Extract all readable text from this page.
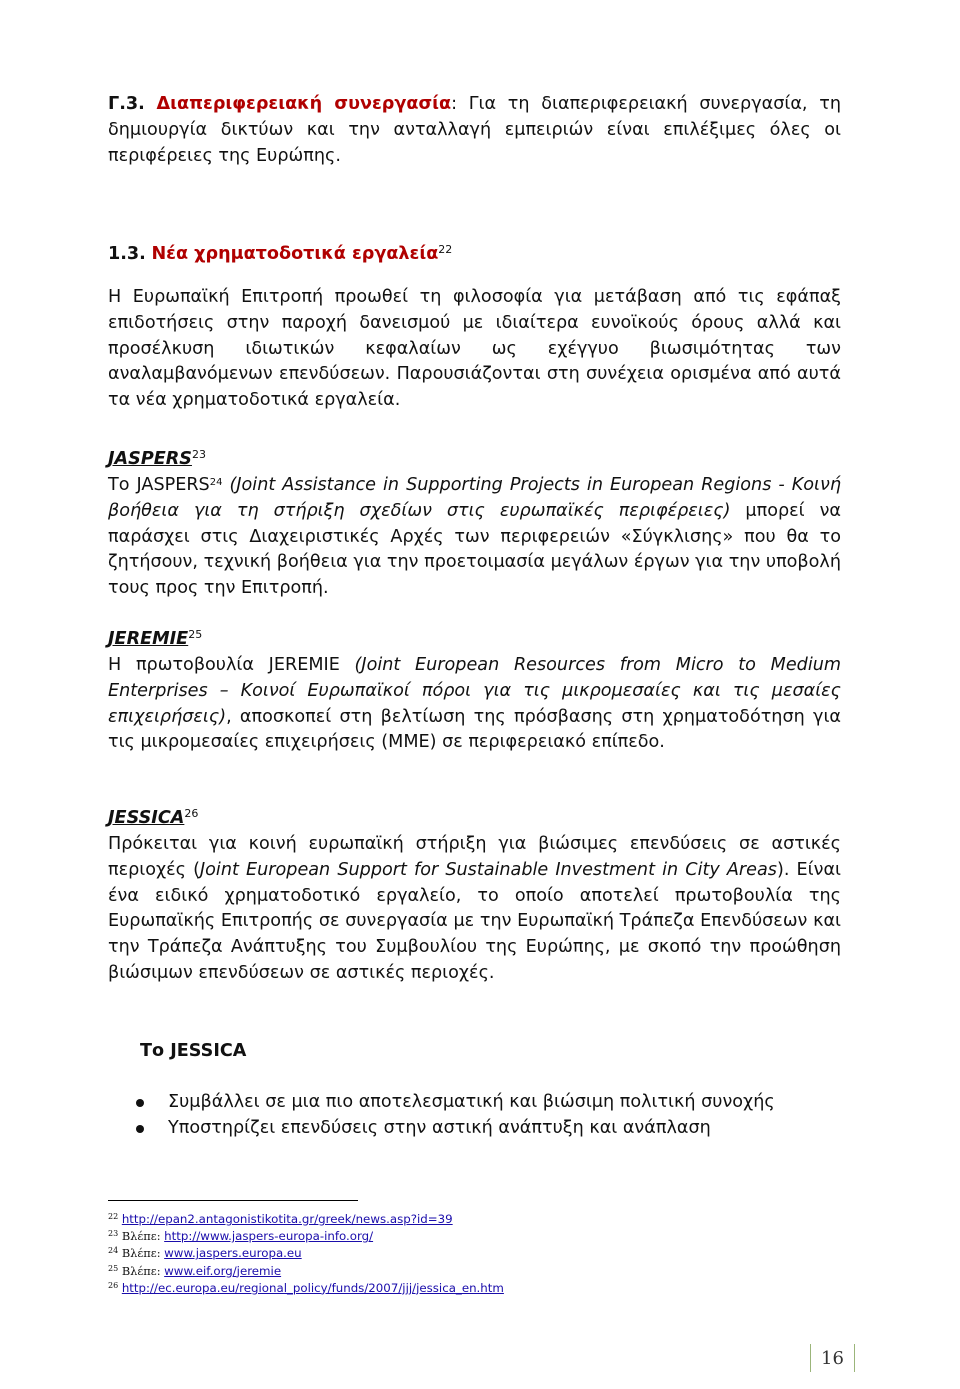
Γ.3. Διαπεριφερειακή συνεργασία: Για τη διαπεριφερειακή συνεργασία, τη δημιουργία δικτύων και την ανταλλαγή εμπειριών είναι επιλέξιμες όλες οι περιφέρειες της Ευρώπης.
1.3. Νέα χρηματοδοτικά εργαλεία$^{22}$
Η Ευρωπαϊκή Επιτροπή προωθεί τη φιλοσοφία για μετάβαση από τις εφάπαξ επιδοτήσεις στην παροχή δανεισμού με ιδιαίτερα ευνοϊκούς όρους αλλά και προσέλκυση ιδιωτικών κεφαλαίων ως εχέγγυο βιωσιμότητας των αναλαμβανόμενων επενδύσεων. Παρουσιάζονται στη συνέχεια ορισμένα από αυτά τα νέα χρηματοδοτικά εργαλεία.
JASPERS$^{23}$
Το JASPERS$^{24}$ (Joint Assistance in Supporting Projects in European Regions - Κοινή βοήθεια για τη στήριξη σχεδίων στις ευρωπαϊκές περιφέρειες) μπορεί να παράσχει στις Διαχειριστικές Αρχές των περιφερειών «Σύγκλισης» που θα το ζητήσουν, τεχνική βοήθεια για την προετοιμασία μεγάλων έργων για την υποβολή τους προς την Επιτροπή.
JEREMIE$^{25}$
Η πρωτοβουλία JEREMIE (Joint European Resources from Micro to Medium Enterprises – Κοινοί Ευρωπαϊκοί πόροι για τις μικρομεσαίες και τις μεσαίες επιχειρήσεις), αποσκοπεί στη βελτίωση της πρόσβασης στη χρηματοδότηση για τις μικρομεσαίες επιχειρήσεις (ΜΜΕ) σε περιφερειακό επίπεδο.
JESSICA$^{26}$
Πρόκειται για κοινή ευρωπαϊκή στήριξη για βιώσιμες επενδύσεις σε αστικές περιοχές (Joint European Support for Sustainable Investment in City Areas). Είναι ένα ειδικό χρηματοδοτικό εργαλείο, το οποίο αποτελεί πρωτοβουλία της Ευρωπαϊκής Επιτροπής σε συνεργασία με την Ευρωπαϊκή Τράπεζα Επενδύσεων και την Τράπεζα Ανάπτυξης του Συμβουλίου της Ευρώπης, με σκοπό την προώθηση βιώσιμων επενδύσεων σε αστικές περιοχές.
Το JESSICA
Συμβάλλει σε μια πιο αποτελεσματική και βιώσιμη πολιτική συνοχής
Υποστηρίζει επενδύσεις στην αστική ανάπτυξη και ανάπλαση
$^{22}$ http://epan2.antagonistikotita.gr/greek/news.asp?id=39
$^{23}$ Βλέπε: http://www.jaspers-europa-info.org/
$^{24}$ Βλέπε: www.jaspers.europa.eu
$^{25}$ Βλέπε: www.eif.org/jeremie
$^{26}$ http://ec.europa.eu/regional_policy/funds/2007/jjj/jessica_en.htm
16
